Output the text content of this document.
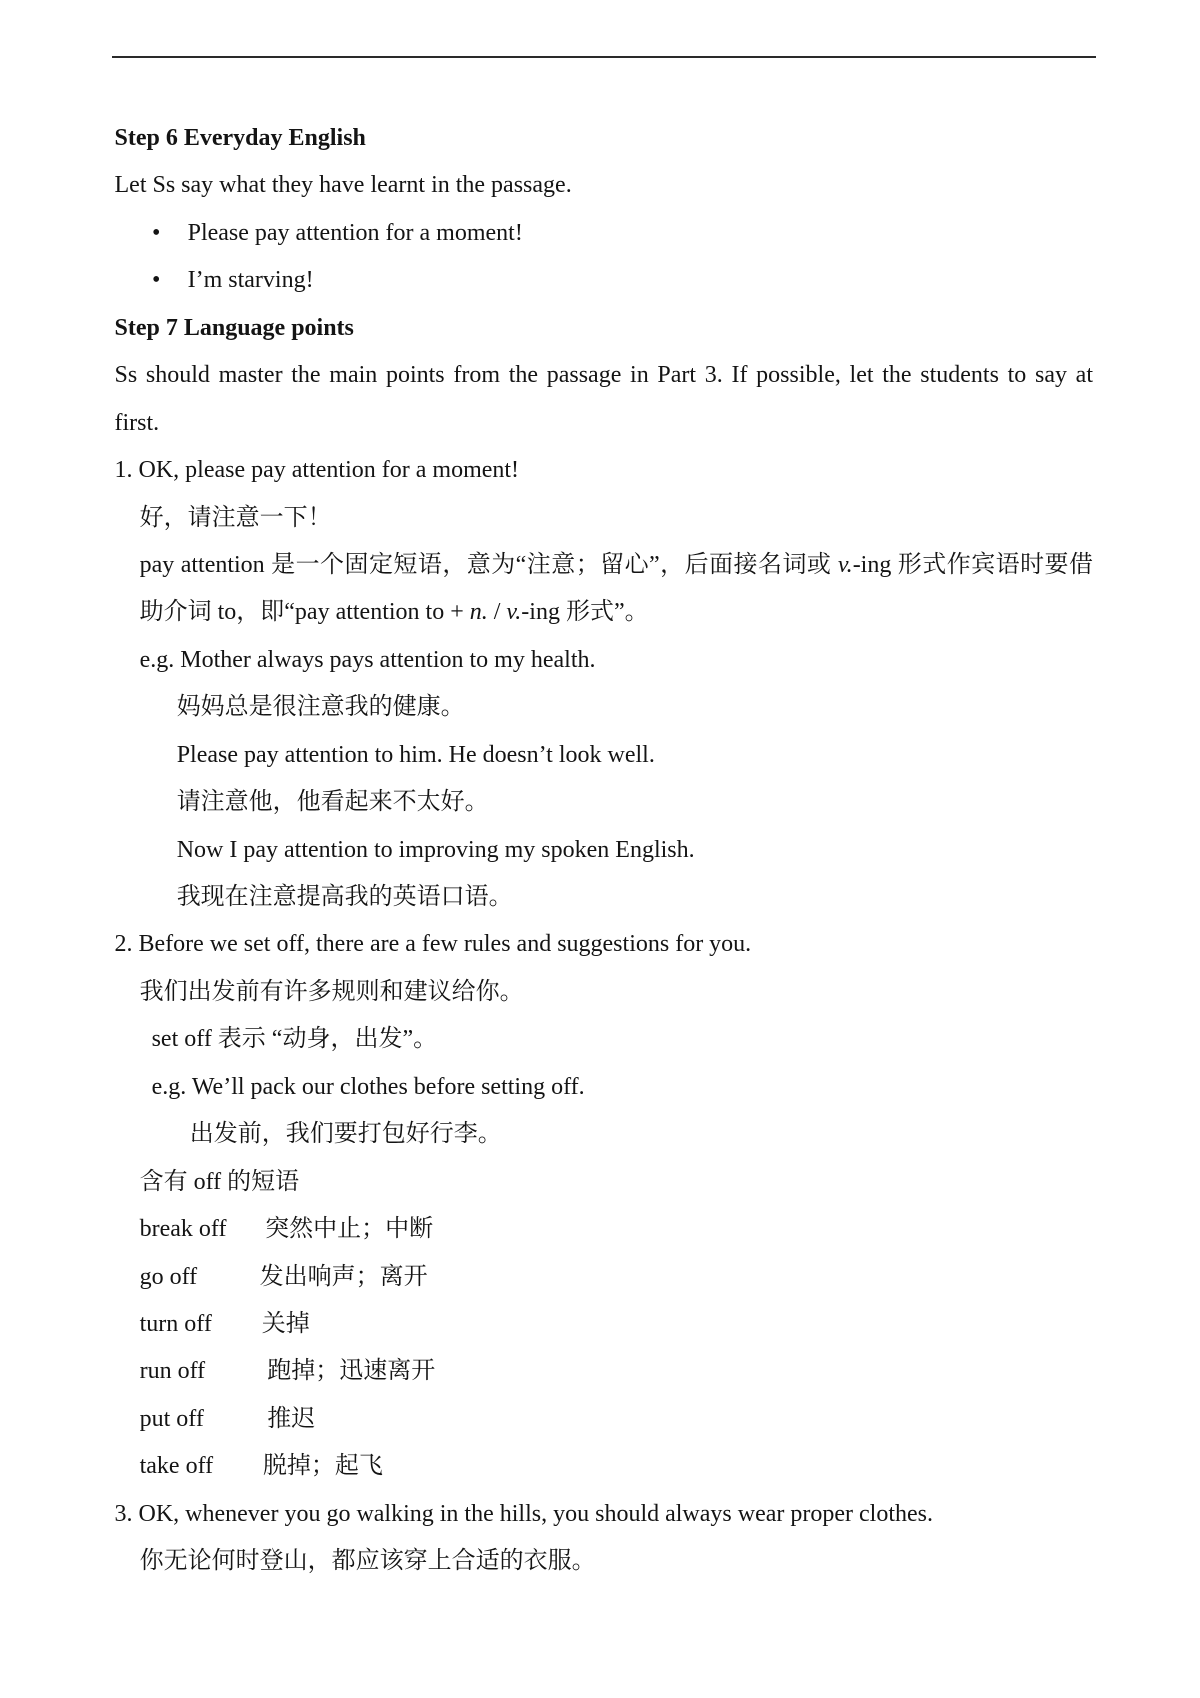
Step 6 Everyday English
Let Ss say what they have learnt in the passage.
• Please pay attention for a moment!
• I’m starving!
Step 7 Language points
Ss should master the main points from the passage in Part 3. If possible, let the students to say at
first.
1. OK, please pay attention for a moment!
好，请注意一下！
pay attention 是一个固定短语，意为“注意；留心”，后面接名词或 v.-ing 形式作宾语时要借
助介词 to，即“pay attention to + n. / v.-ing 形式”。
e.g. Mother always pays attention to my health.
妈妈总是很注意我的健康。
Please pay attention to him. He doesn’t look well.
请注意他，他看起来不太好。
Now I pay attention to improving my spoken English.
我现在注意提高我的英语口语。
2. Before we set off, there are a few rules and suggestions for you.
我们出发前有许多规则和建议给你。
set off 表示 “动身，出发”。
e.g. We’ll pack our clothes before setting off.
出发前，我们要打包好行李。
含有 off 的短语
break off 突然中止；中断
go off	发出响声；离开
turn off 关掉
run off	跑掉；迅速离开
put off	推迟
take off 脱掉；起飞
3. OK, whenever you go walking in the hills, you should always wear proper clothes.
你无论何时登山，都应该穿上合适的衣服。
